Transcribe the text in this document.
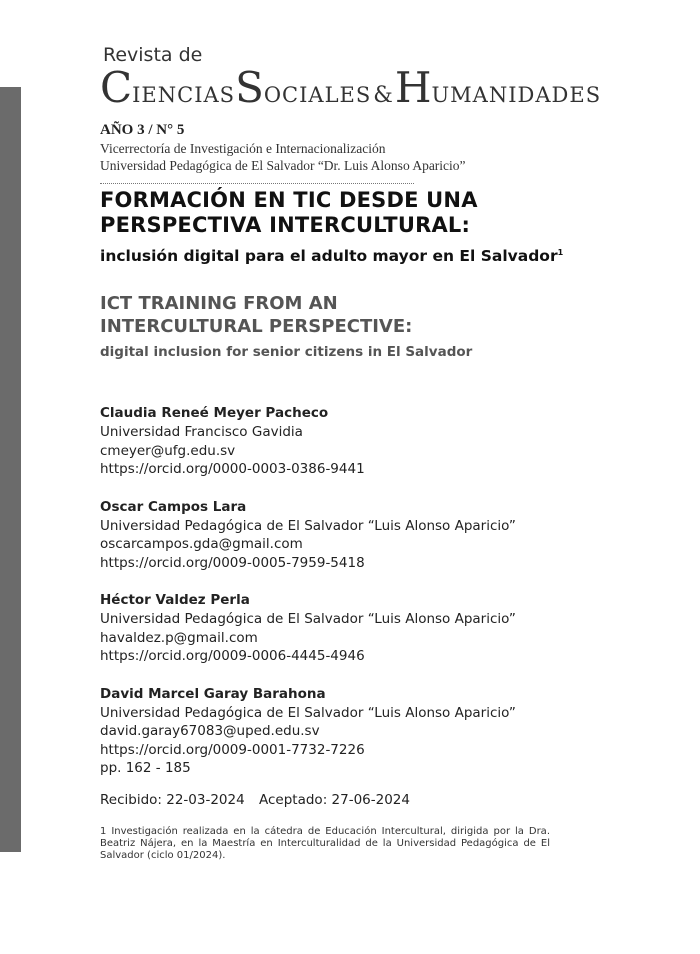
Revista de
CIENCIASSOCIALES&HUMANIDADES
AÑO 3 / N° 5
Vicerrectoría de Investigación e Internacionalización
Universidad Pedagógica de El Salvador “Dr. Luis Alonso Aparicio”
FORMACIÓN EN TIC DESDE UNA
PERSPECTIVA INTERCULTURAL:
inclusión digital para el adulto mayor en El Salvador$^1$
ICT TRAINING FROM AN
INTERCULTURAL PERSPECTIVE:
digital inclusion for senior citizens in El Salvador
Claudia Reneé Meyer Pacheco
Universidad Francisco Gavidia
cmeyer@ufg.edu.sv
https://orcid.org/0000-0003-0386-9441
Oscar Campos Lara
Universidad Pedagógica de El Salvador “Luis Alonso Aparicio”
oscarcampos.gda@gmail.com
https://orcid.org/0009-0005-7959-5418
Héctor Valdez Perla
Universidad Pedagógica de El Salvador “Luis Alonso Aparicio”
havaldez.p@gmail.com
https://orcid.org/0009-0006-4445-4946
David Marcel Garay Barahona
Universidad Pedagógica de El Salvador “Luis Alonso Aparicio”
david.garay67083@uped.edu.sv
https://orcid.org/0009-0001-7732-7226
pp. 162 - 185
Recibido: 22-03-2024 Aceptado: 27-06-2024
1 Investigación realizada en la cátedra de Educación Intercultural, dirigida por la Dra. Beatriz Nájera, en la Maestría en Interculturalidad de la Universidad Pedagógica de El Salvador (ciclo 01/2024).
